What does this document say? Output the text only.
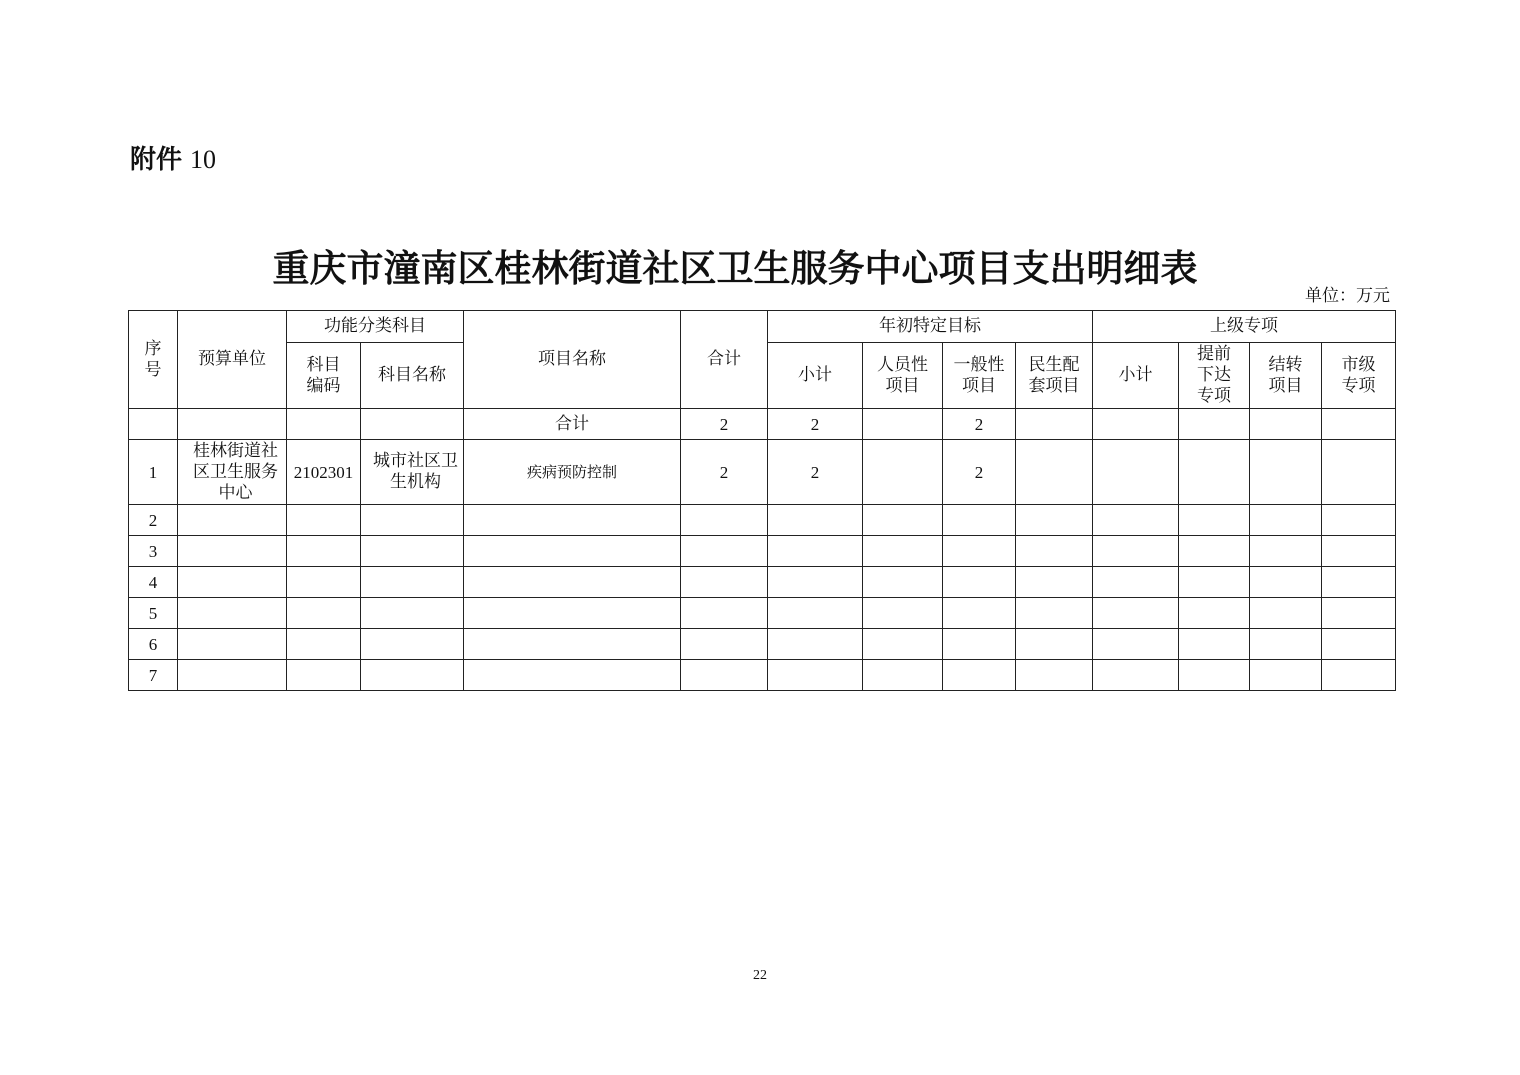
附件 10
重庆市潼南区桂林街道社区卫生服务中心项目支出明细表
单位：万元
序号	预算单位	功能分类科目		项目名称	合计	年初特定目标				上级专项			
		科目编码	科目名称			小计	人员性项目	一般性项目	民生配套项目	小计	提前下达专项	结转项目	市级专项
				合计	2	2		2					
1	桂林街道社区卫生服务中心	2102301	城市社区卫生机构	疾病预防控制	2	2		2					
2													
3													
4													
5													
6													
7													
22
